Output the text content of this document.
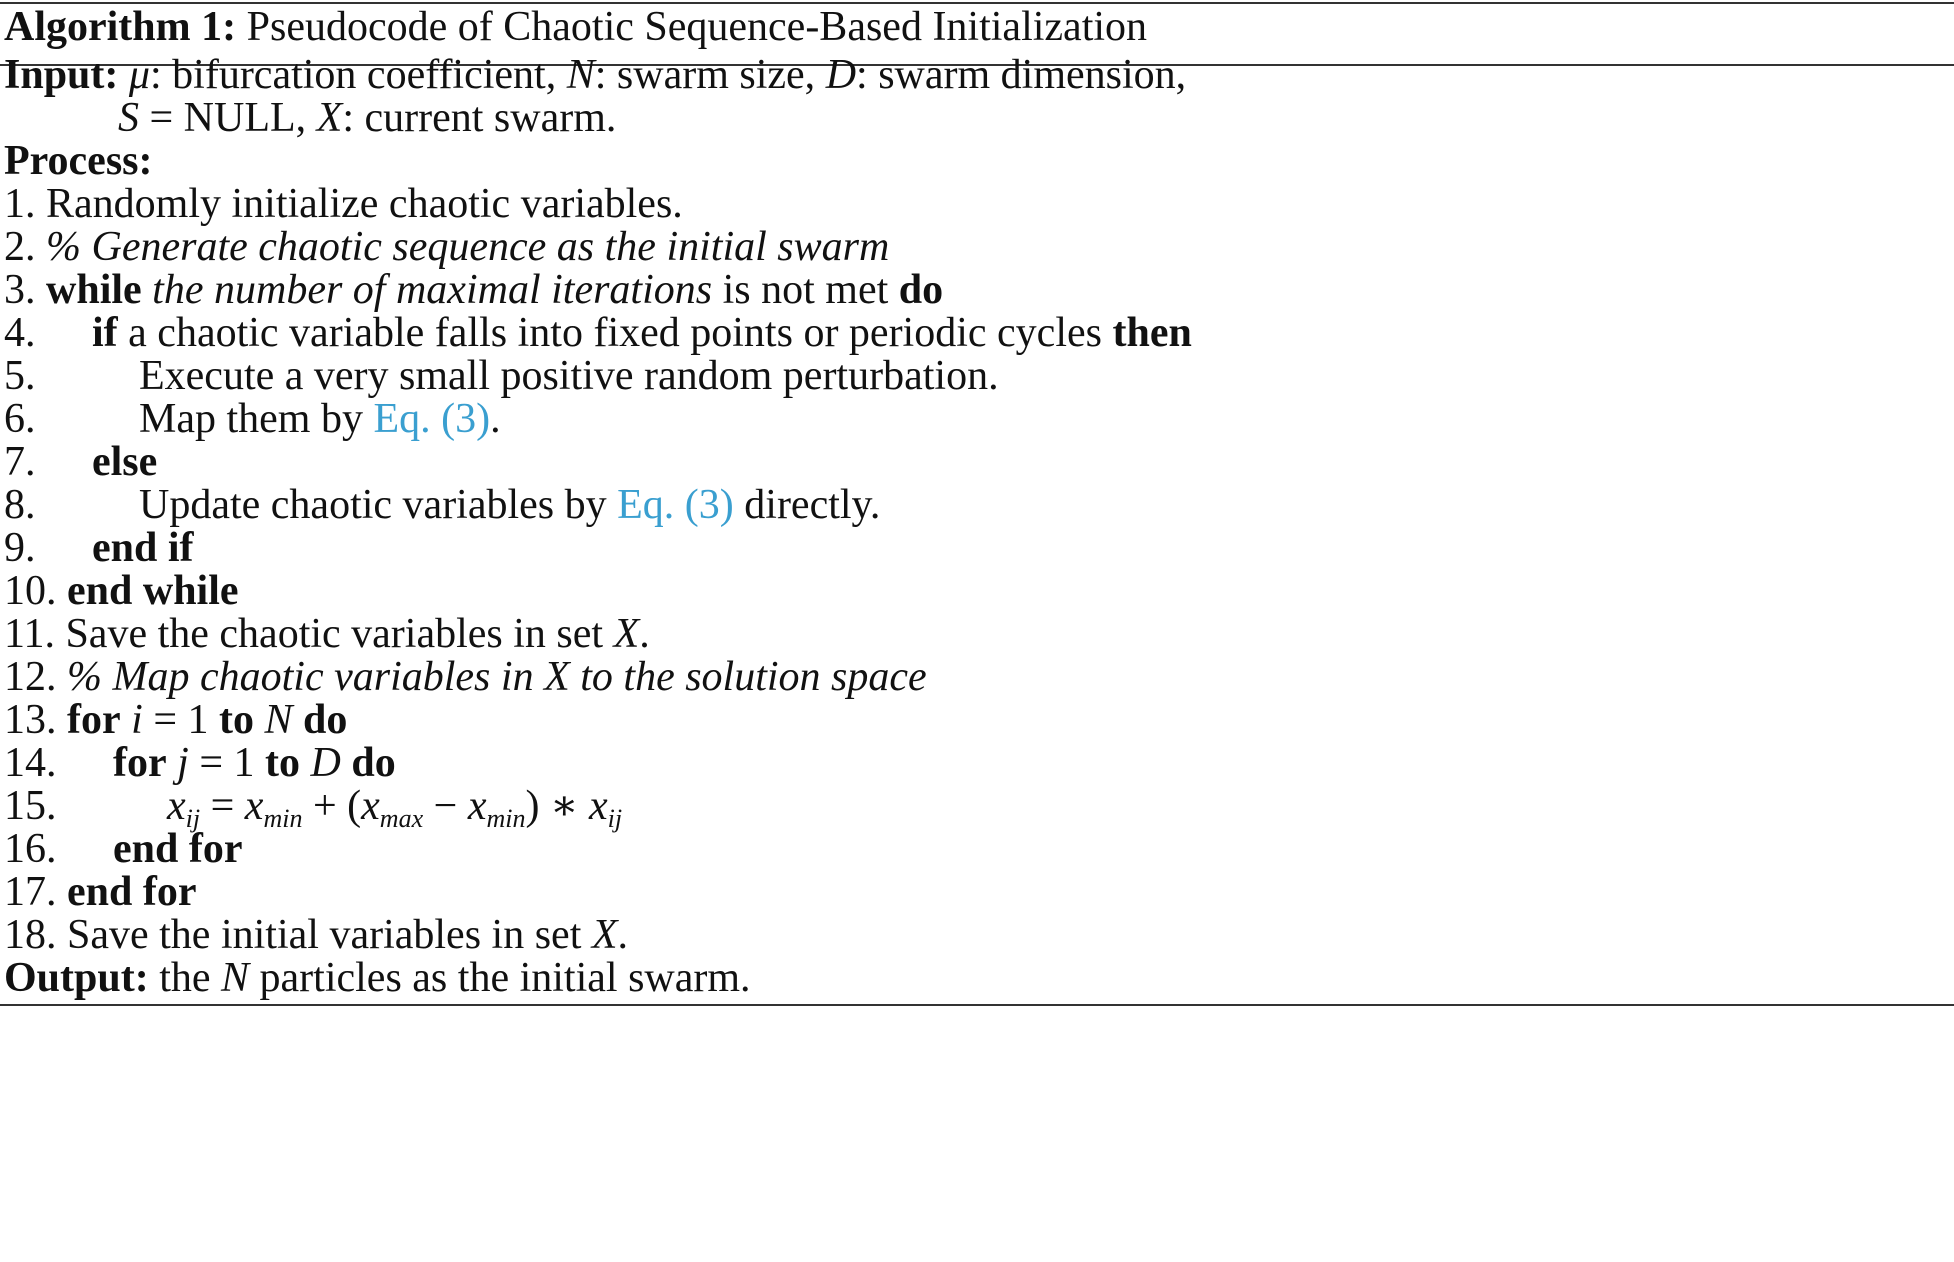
Algorithm 1: Pseudocode of Chaotic Sequence-Based Initialization
Input: μ: bifurcation coefficient, N: swarm size, D: swarm dimension,
S = NULL, X: current swarm.
Process:
1. Randomly initialize chaotic variables.
2. % Generate chaotic sequence as the initial swarm
3. while the number of maximal iterations is not met do
4. if a chaotic variable falls into fixed points or periodic cycles then
5. Execute a very small positive random perturbation.
6. Map them by Eq. (3).
7. else
8. Update chaotic variables by Eq. (3) directly.
9. end if
10. end while
11. Save the chaotic variables in set X.
12. % Map chaotic variables in X to the solution space
13. for i = 1 to N do
14. for j = 1 to D do
15.	$x_{ij} = x_{min} + (x_{max} - x_{min})$ ∗ $x_{ij}$
16. end for
17. end for
18. Save the initial variables in set X.
Output: the N particles as the initial swarm.
